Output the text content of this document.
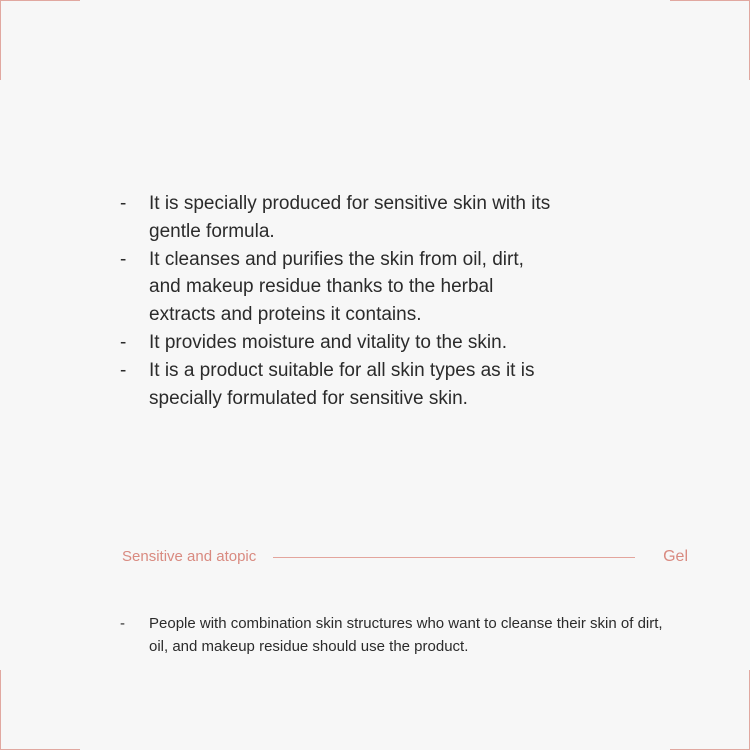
- It is specially produced for sensitive skin with its gentle formula.
- It cleanses and purifies the skin from oil, dirt, and makeup residue thanks to the herbal extracts and proteins it contains.
- It provides moisture and vitality to the skin.
- It is a product suitable for all skin types as it is specially formulated for sensitive skin.
Sensitive and atopic	Gel
- People with combination skin structures who want to cleanse their skin of dirt, oil, and makeup residue should use the product.
